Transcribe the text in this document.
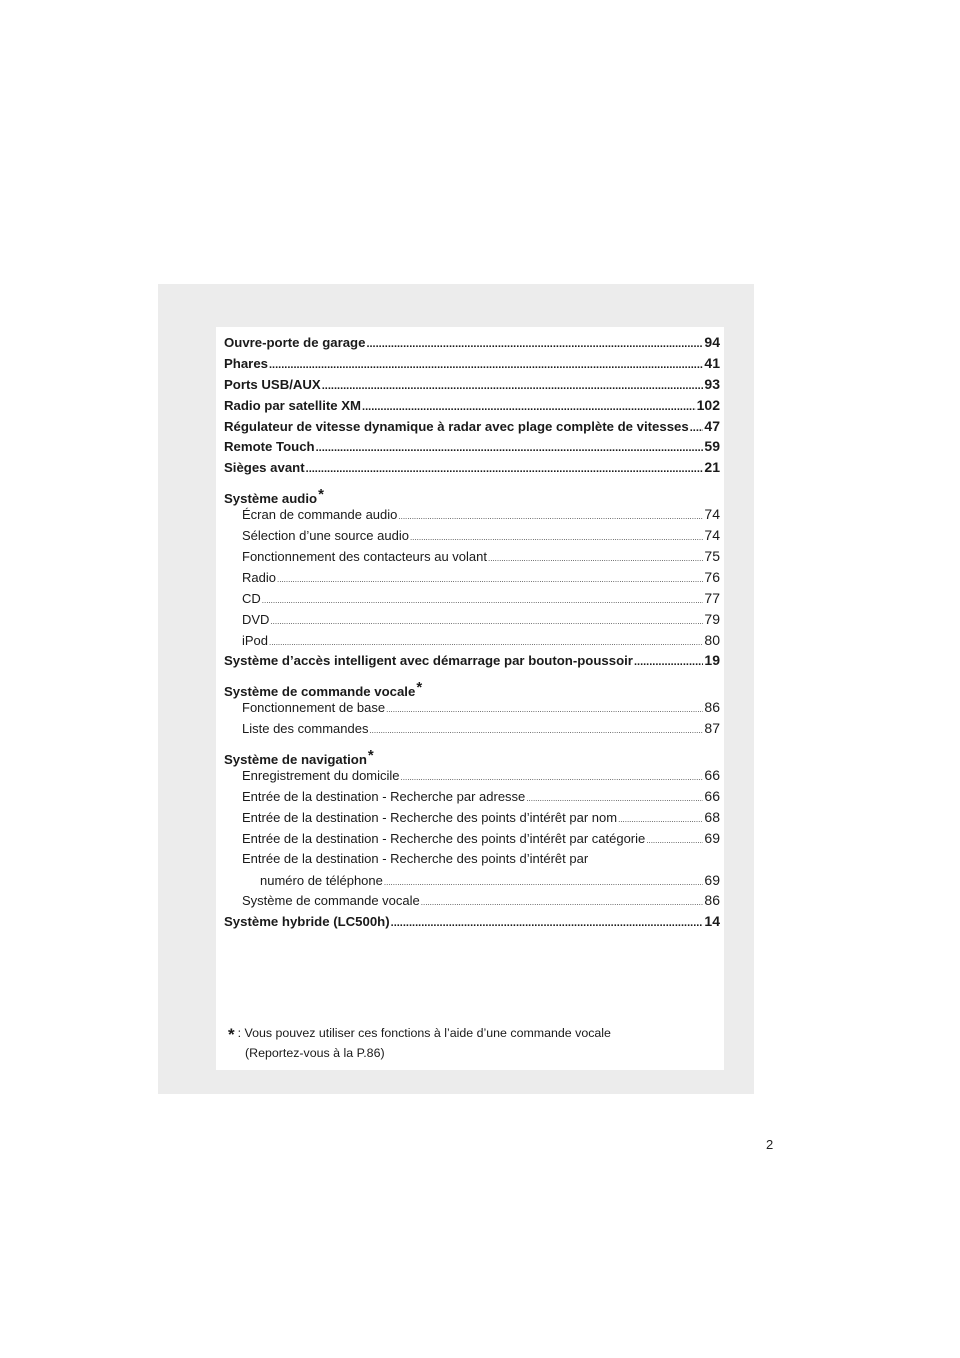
Ouvre-porte de garage .....	94
Phares .....	41
Ports USB/AUX .....	93
Radio par satellite XM .....	102
Régulateur de vitesse dynamique à radar avec plage complète de vitesses ..... 47
Remote Touch .....	59
Sièges avant .....	21
Système audio*
Écran de commande audio .....	74
Sélection d’une source audio .....	74
Fonctionnement des contacteurs au volant .....	75
Radio .....	76
CD .....	77
DVD .....	79
iPod .....	80
Système d’accès intelligent avec démarrage par bouton-poussoir .....	19
Système de commande vocale*
Fonctionnement de base .....	86
Liste des commandes .....	87
Système de navigation*
Enregistrement du domicile .....	66
Entrée de la destination - Recherche par adresse .....	66
Entrée de la destination - Recherche des points d’intérêt par nom .....	68
Entrée de la destination - Recherche des points d’intérêt par catégorie .....	69
Entrée de la destination - Recherche des points d’intérêt par
numéro de téléphone .....	69
Système de commande vocale .....	86
Système hybride (LC500h) .....	14
* : Vous pouvez utiliser ces fonctions à l’aide d’une commande vocale
(Reportez-vous à la P.86)
2
